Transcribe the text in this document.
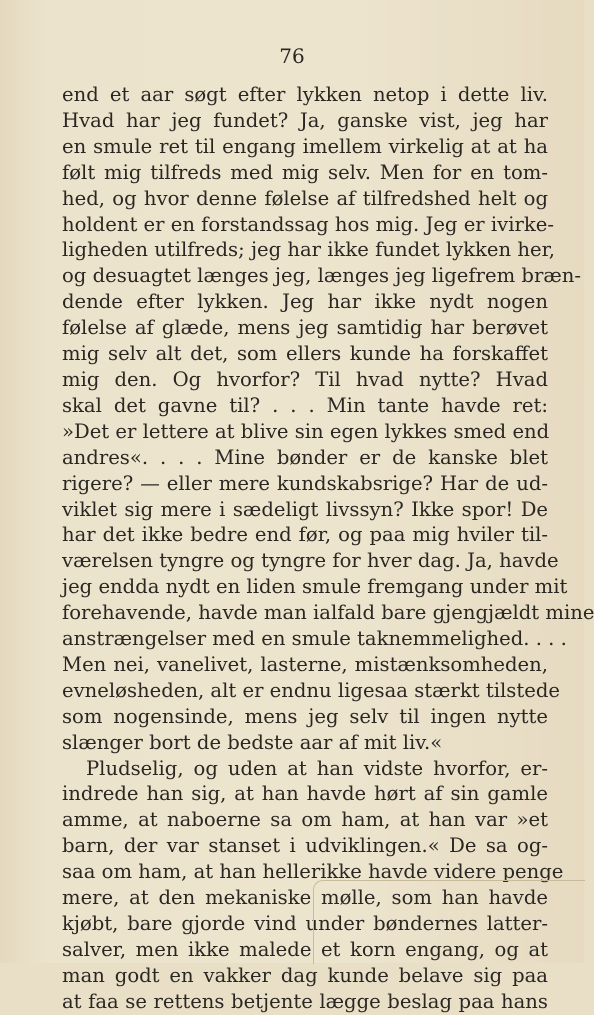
76

end et aar søgt efter lykken netop i dette liv.
Hvad har jeg fundet? Ja, ganske vist, jeg har
en smule ret til engang imellem virkelig at at ha
følt mig tilfreds med mig selv. Men for en tom-
hed, og hvor denne følelse af tilfredshed helt og
holdent er en forstandssag hos mig. Jeg er ivirke-
ligheden utilfreds; jeg har ikke fundet lykken her,
og desuagtet længes jeg, længes jeg ligefrem bræn-
dende efter lykken. Jeg har ikke nydt nogen
følelse af glæde, mens jeg samtidig har berøvet
mig selv alt det, som ellers kunde ha forskaffet
mig den. Og hvorfor? Til hvad nytte? Hvad
skal det gavne til? . . . Min tante havde ret:
»Det er lettere at blive sin egen lykkes smed end
andres«. . . . Mine bønder er de kanske blet
rigere? — eller mere kundskabsrige? Har de ud-
viklet sig mere i sædeligt livssyn? Ikke spor! De
har det ikke bedre end før, og paa mig hviler til-
værelsen tyngre og tyngre for hver dag. Ja, havde
jeg endda nydt en liden smule fremgang under mit
forehavende, havde man ialfald bare gjengjældt mine
anstrængelser med en smule taknemmelighed. . . .
Men nei, vanelivet, lasterne, mistænksomheden,
evneløsheden, alt er endnu ligesaa stærkt tilstede
som nogensinde, mens jeg selv til ingen nytte
slænger bort de bedste aar af mit liv.«

Pludselig, og uden at han vidste hvorfor, er-
indrede han sig, at han havde hørt af sin gamle
amme, at naboerne sa om ham, at han var »et
barn, der var stanset i udviklingen.« De sa og-
saa om ham, at han hellerikke havde videre penge
mere, at den mekaniske mølle, som han havde
kjøbt, bare gjorde vind under bøndernes latter-
salver, men ikke malede et korn engang, og at
man godt en vakker dag kunde belave sig paa
at faa se rettens betjente lægge beslag paa hans
